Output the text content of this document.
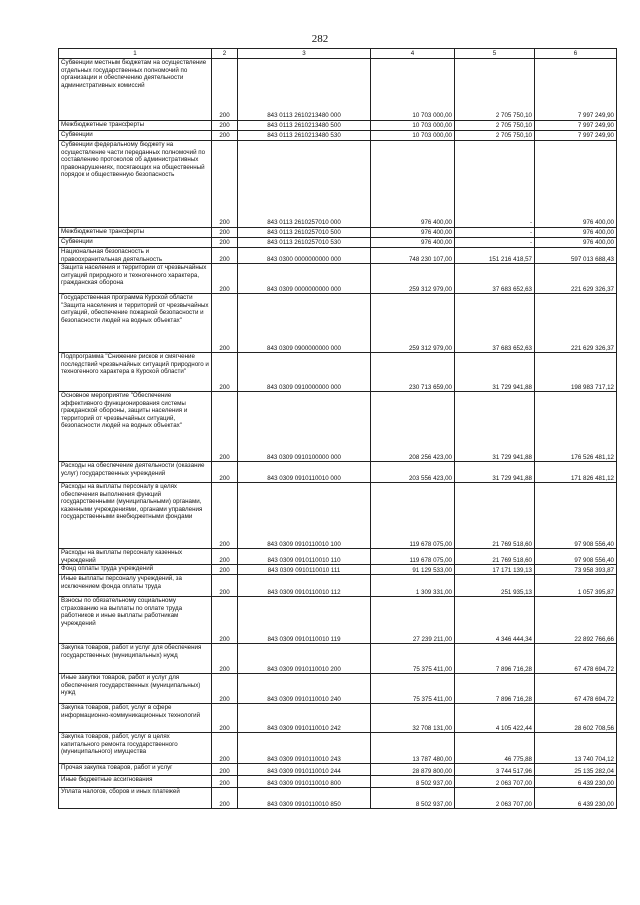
282
1	2	3	4	5	6
Субвенции местным бюджетам на осуществление отдельных государственных полномочий по организации и обеспечению деятельности административных комиссий	200	843 0113 2610213480 000	10 703 000,00	2 705 750,10	7 997 249,90
Межбюджетные трансферты	200	843 0113 2610213480 500	10 703 000,00	2 705 750,10	7 997 249,90
Субвенции	200	843 0113 2610213480 530	10 703 000,00	2 705 750,10	7 997 249,90
Субвенции федеральному бюджету на осуществление части переданных полномочий по составлению протоколов об административных правонарушениях, посягающих на общественный порядок и общественную безопасность	200	843 0113 2610257010 000	976 400,00	-	976 400,00
Межбюджетные трансферты	200	843 0113 2610257010 500	976 400,00	-	976 400,00
Субвенции	200	843 0113 2610257010 530	976 400,00	-	976 400,00
Национальная безопасность и правоохранительная деятельность	200	843 0300 0000000000 000	748 230 107,00	151 216 418,57	597 013 688,43
Защита населения и территории от чрезвычайных ситуаций природного и техногенного характера, гражданская оборона	200	843 0309 0000000000 000	259 312 979,00	37 683 652,63	221 629 326,37
Государственная программа Курской области "Защита населения и территорий от чрезвычайных ситуаций, обеспечение пожарной безопасности и безопасности людей на водных объектах"	200	843 0309 0900000000 000	259 312 979,00	37 683 652,63	221 629 326,37
Подпрограмма "Снижение рисков и смягчение последствий чрезвычайных ситуаций природного и техногенного характера в Курской области"	200	843 0309 0910000000 000	230 713 659,00	31 729 941,88	198 983 717,12
Основное мероприятие "Обеспечение эффективного функционирования системы гражданской обороны, защиты населения и территорий от чрезвычайных ситуаций, безопасности людей на водных объектах"	200	843 0309 0910100000 000	208 256 423,00	31 729 941,88	176 526 481,12
Расходы на обеспечение деятельности (оказание услуг) государственных учреждений	200	843 0309 0910110010 000	203 556 423,00	31 729 941,88	171 826 481,12
Расходы на выплаты персоналу в целях обеспечения выполнения функций государственными (муниципальными) органами, казенными учреждениями, органами управления государственными внебюджетными фондами	200	843 0309 0910110010 100	119 678 075,00	21 769 518,60	97 908 556,40
Расходы на выплаты персоналу казенных учреждений	200	843 0309 0910110010 110	119 678 075,00	21 769 518,60	97 908 556,40
Фонд оплаты труда учреждений	200	843 0309 0910110010 111	91 129 533,00	17 171 139,13	73 958 393,87
Иные выплаты персоналу учреждений, за исключением фонда оплаты труда	200	843 0309 0910110010 112	1 309 331,00	251 935,13	1 057 395,87
Взносы по обязательному социальному страхованию на выплаты по оплате труда работников и иные выплаты работникам учреждений	200	843 0309 0910110010 119	27 239 211,00	4 346 444,34	22 892 766,66
Закупка товаров, работ и услуг для обеспечения государственных (муниципальных) нужд	200	843 0309 0910110010 200	75 375 411,00	7 896 716,28	67 478 694,72
Иные закупки товаров, работ и услуг для обеспечения государственных (муниципальных) нужд	200	843 0309 0910110010 240	75 375 411,00	7 896 716,28	67 478 694,72
Закупка товаров, работ, услуг в сфере информационно-коммуникационных технологий	200	843 0309 0910110010 242	32 708 131,00	4 105 422,44	28 602 708,56
Закупка товаров, работ, услуг в целях капитального ремонта государственного (муниципального) имущества	200	843 0309 0910110010 243	13 787 480,00	46 775,88	13 740 704,12
Прочая закупка товаров, работ и услуг	200	843 0309 0910110010 244	28 879 800,00	3 744 517,96	25 135 282,04
Иные бюджетные ассигнования	200	843 0309 0910110010 800	8 502 937,00	2 063 707,00	6 439 230,00
Уплата налогов, сборов и иных платежей	200	843 0309 0910110010 850	8 502 937,00	2 063 707,00	6 439 230,00
